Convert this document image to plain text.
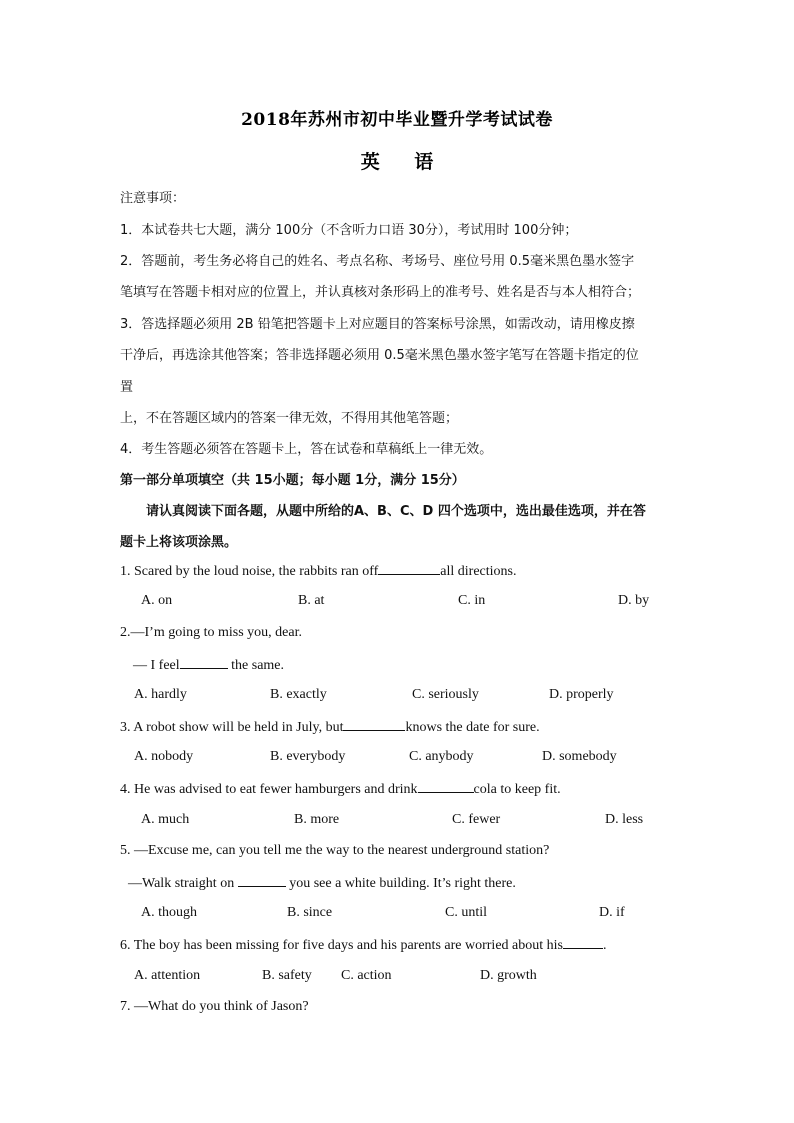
2018年苏州市初中毕业暨升学考试试卷
英 语
注意事项：
1．本试卷共七大题，满分 100分（不含听力口语 30分），考试用时 100分钟；
2．答题前，考生务必将自己的姓名、考点名称、考场号、座位号用 0.5毫米黑色墨水签字
笔填写在答题卡相对应的位置上，并认真核对条形码上的准考号、姓名是否与本人相符合；
3．答选择题必须用 2B 铅笔把答题卡上对应题目的答案标号涂黑，如需改动，请用橡皮擦
干净后，再选涂其他答案；答非选择题必须用 0.5毫米黑色墨水签字笔写在答题卡指定的位
置
上，不在答题区域内的答案一律无效，不得用其他笔答题；
4．考生答题必须答在答题卡上，答在试卷和草稿纸上一律无效。
第一部分单项填空（共 15小题；每小题 1分，满分 15分）
请认真阅读下面各题，从题中所给的A、B、C、D 四个选项中，选出最佳选项，并在答
题卡上将该项涂黑。
1. Scared by the loud noise, the rabbits ran off	all directions.
A. on	B. at	C. in	D. by
2.—I’m going to miss you, dear.
— I feel	the same.
A. hardly	B. exactly	C. seriously	D. properly
3. A robot show will be held in July, but	knows the date for sure.
A. nobody	B. everybody	C. anybody	D. somebody
4. He was advised to eat fewer hamburgers and drink	cola to keep fit.
A. much	B. more	C. fewer	D. less
5. —Excuse me, can you tell me the way to the nearest underground station?
—Walk straight on	you see a white building. It’s right there.
A. though	B. since	C. until	D. if
6. The boy has been missing for five days and his parents are worried about his	.
A. attention	B. safety C. action	D. growth
7. —What do you think of Jason?
